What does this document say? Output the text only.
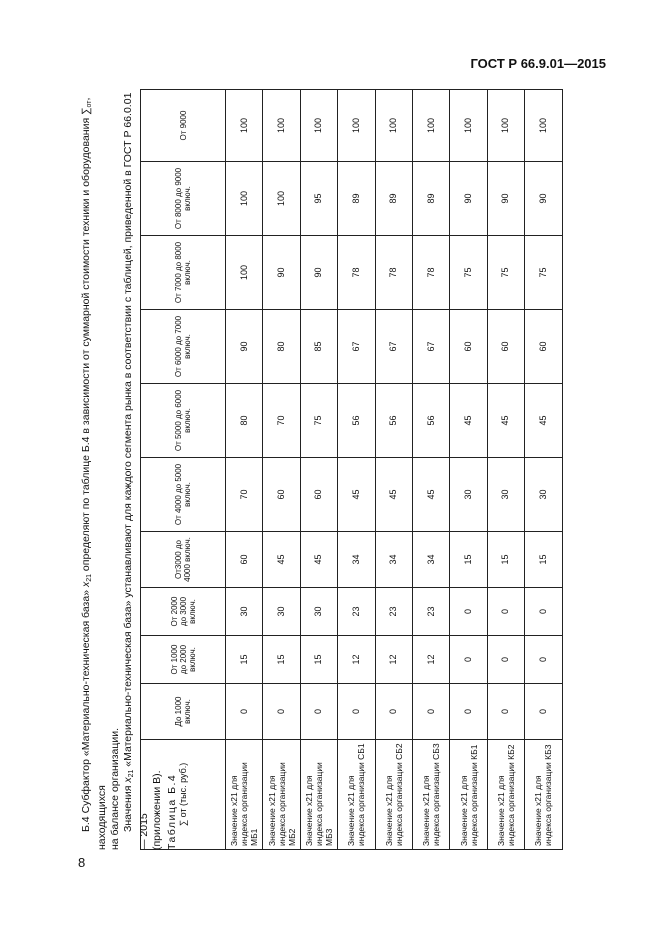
ГОСТ Р 66.9.01—2015
8

Б.4 Субфактор «Материально-техническая база» $x_{21}$ определяют по таблице Б.4 в зависимости от суммарной стоимости техники и оборудования $\sum_{от}$, находящихся
на балансе организации.
Значения $x_{21}$ «Материально-техническая база» устанавливают для каждого сегмента рынка в соответствии с таблицей, приведенной в ГОСТ Р 66.0.01 — 2015
(приложении В). Таблица Б.4 ∑ от (тыс. руб.)	До 1000 включ.	От 1000 до 2000 включ.	От 2000 до 3000 включ.	От3000 до 4000 включ.	От 4000 до 5000 включ.	От 5000 до 6000 включ.	От 6000 до 7000 включ.	От 7000 до 8000 включ.	От 8000 до 9000 включ.	От 9000
Значение x21 для индекса организации МБ1	0	15	30	60	70	80	90	100	100	100
Значение x21 для индекса организации МБ2	0	15	30	45	60	70	80	90	100	100
Значение x21 для индекса организации МБ3	0	15	30	45	60	75	85	90	95	100
Значение x21 для индекса организации СБ1	0	12	23	34	45	56	67	78	89	100
Значение x21 для индекса организации СБ2	0	12	23	34	45	56	67	78	89	100
Значение x21 для индекса организации СБ3	0	12	23	34	45	56	67	78	89	100
Значение x21 для индекса организации КБ1	0	0	0	15	30	45	60	75	90	100
Значение x21 для индекса организации КБ2	0	0	0	15	30	45	60	75	90	100
Значение x21 для индекса организации КБ3	0	0	0	15	30	45	60	75	90	100
